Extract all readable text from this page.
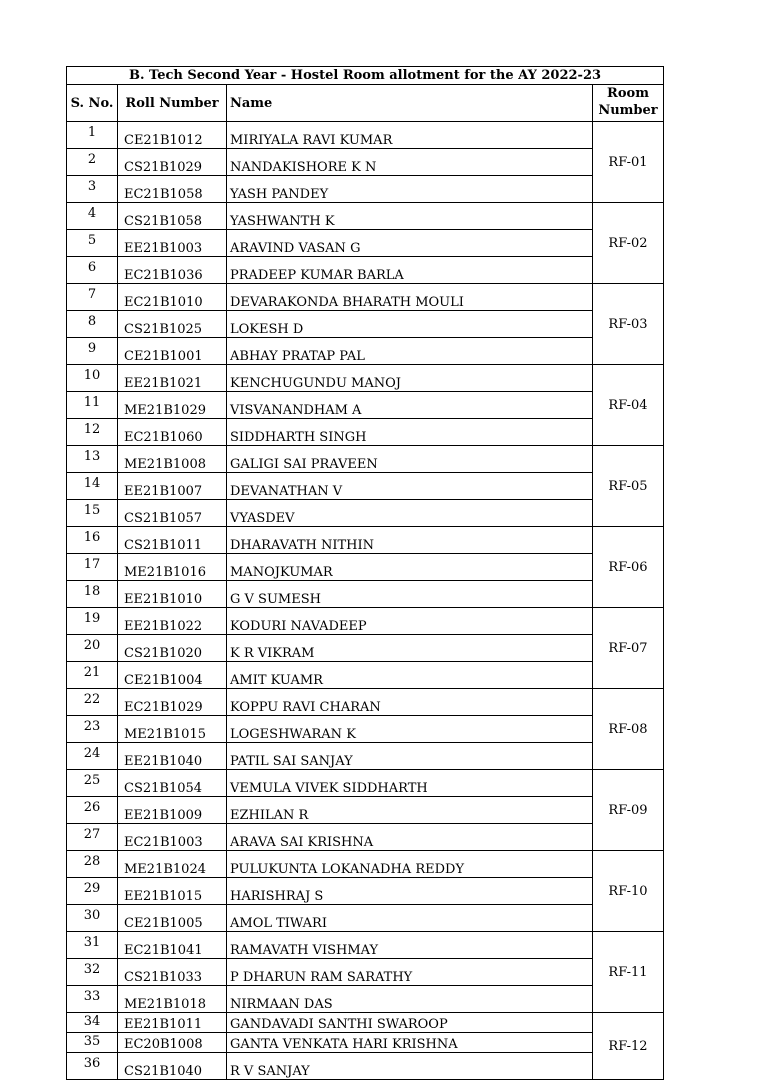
B. Tech Second Year - Hostel Room allotment for the AY 2022-23			
S. No.	Roll Number	Name	Room
Number
1	CE21B1012	MIRIYALA RAVI KUMAR	RF-01
2	CS21B1029	NANDAKISHORE K N	
3	EC21B1058	YASH PANDEY	
4	CS21B1058	YASHWANTH K	RF-02
5	EE21B1003	ARAVIND VASAN G	
6	EC21B1036	PRADEEP KUMAR BARLA	
7	EC21B1010	DEVARAKONDA BHARATH MOULI	RF-03
8	CS21B1025	LOKESH D	
9	CE21B1001	ABHAY PRATAP PAL	
10	EE21B1021	KENCHUGUNDU MANOJ	RF-04
11	ME21B1029	VISVANANDHAM A	
12	EC21B1060	SIDDHARTH SINGH	
13	ME21B1008	GALIGI SAI PRAVEEN	RF-05
14	EE21B1007	DEVANATHAN V	
15	CS21B1057	VYASDEV	
16	CS21B1011	DHARAVATH NITHIN	RF-06
17	ME21B1016	MANOJKUMAR	
18	EE21B1010	G V SUMESH	
19	EE21B1022	KODURI NAVADEEP	RF-07
20	CS21B1020	K R VIKRAM	
21	CE21B1004	AMIT KUAMR	
22	EC21B1029	KOPPU RAVI CHARAN	RF-08
23	ME21B1015	LOGESHWARAN K	
24	EE21B1040	PATIL SAI SANJAY	
25	CS21B1054	VEMULA VIVEK SIDDHARTH	RF-09
26	EE21B1009	EZHILAN R	
27	EC21B1003	ARAVA SAI KRISHNA	
28	ME21B1024	PULUKUNTA LOKANADHA REDDY	RF-10
29	EE21B1015	HARISHRAJ S	
30	CE21B1005	AMOL TIWARI	
31	EC21B1041	RAMAVATH VISHMAY	RF-11
32	CS21B1033	P DHARUN RAM SARATHY	
33	ME21B1018	NIRMAAN DAS	
34	EE21B1011	GANDAVADI SANTHI SWAROOP	RF-12
35	EC20B1008	GANTA VENKATA HARI KRISHNA	
36	CS21B1040	R V SANJAY	
